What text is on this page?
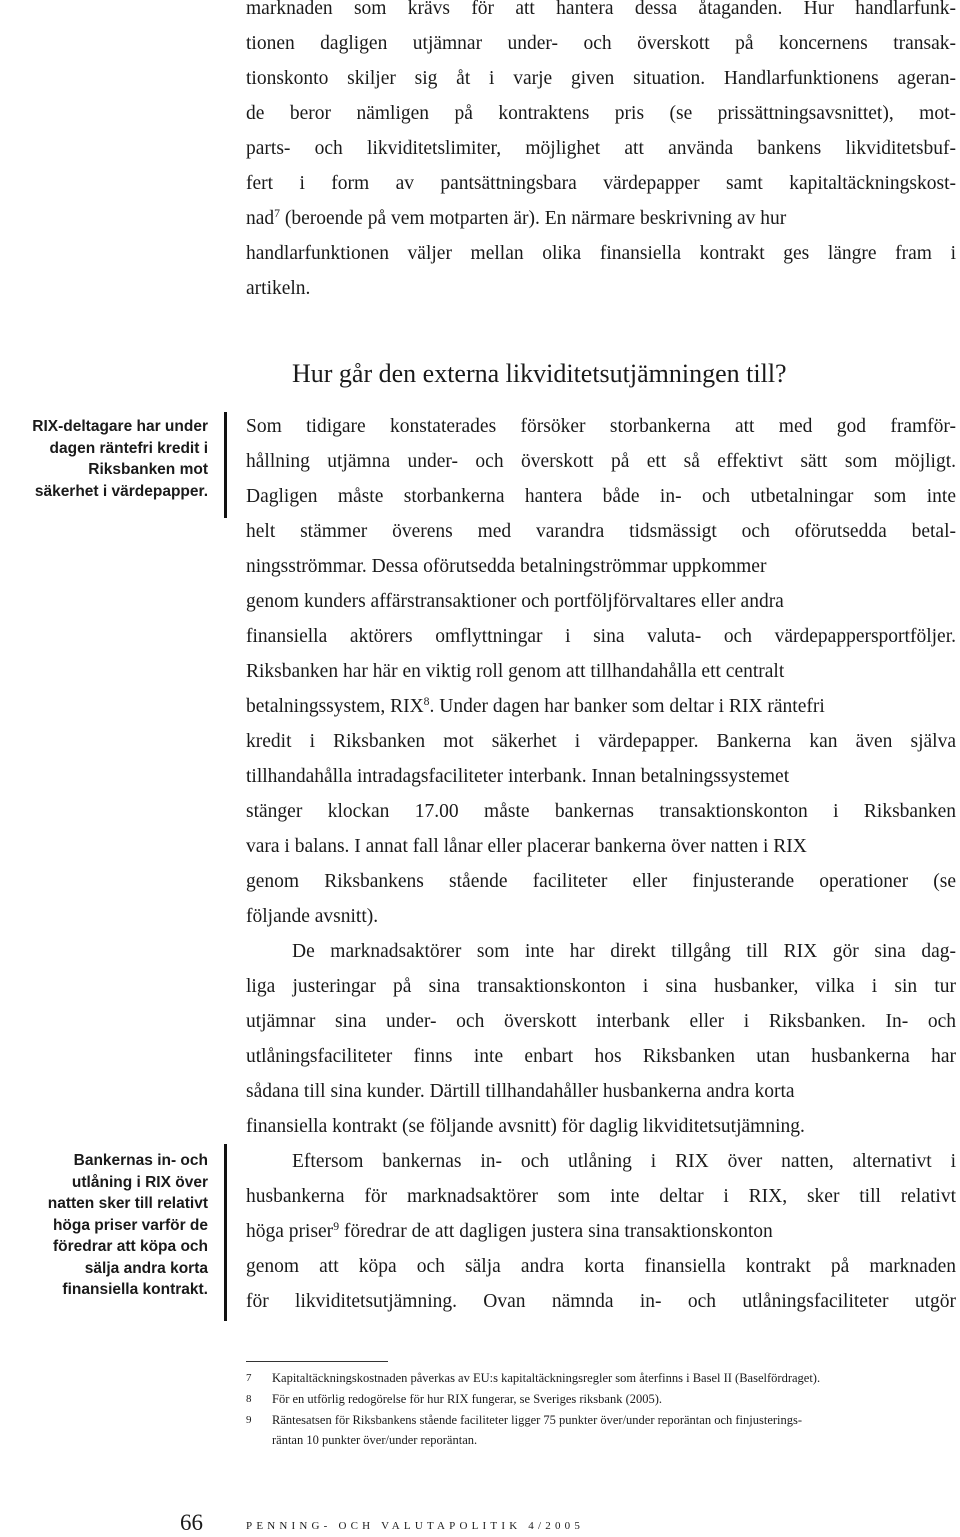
marknaden som krävs för att hantera dessa åtaganden. Hur handlarfunk-
tionen dagligen utjämnar under- och överskott på koncernens transak-
tionskonto skiljer sig åt i varje given situation. Handlarfunktionens ageran-
de beror nämligen på kontraktens pris (se prissättningsavsnittet), mot-
parts- och likviditetslimiter, möjlighet att använda bankens likviditetsbuf-
fert i form av pantsättningsbara värdepapper samt kapitaltäckningskost-
nad$^7$ (beroende på vem motparten är). En närmare beskrivning av hur
handlarfunktionen väljer mellan olika finansiella kontrakt ges längre fram i
artikeln.
Hur går den externa likviditetsutjämningen till?
RIX-deltagare har under
dagen räntefri kredit i
Riksbanken mot
säkerhet i värdepapper.
Bankernas in- och
utlåning i RIX över
natten sker till relativt
höga priser varför de
föredrar att köpa och
sälja andra korta
finansiella kontrakt.
Som tidigare konstaterades försöker storbankerna att med god framför-
hållning utjämna under- och överskott på ett så effektivt sätt som möjligt.
Dagligen måste storbankerna hantera både in- och utbetalningar som inte
helt stämmer överens med varandra tidsmässigt och oförutsedda betal-
ningsströmmar. Dessa oförutsedda betalningströmmar uppkommer
genom kunders affärstransaktioner och portföljförvaltares eller andra
finansiella aktörers omflyttningar i sina valuta- och värdepappersportföljer.
Riksbanken har här en viktig roll genom att tillhandahålla ett centralt
betalningssystem, RIX$^8$. Under dagen har banker som deltar i RIX räntefri
kredit i Riksbanken mot säkerhet i värdepapper. Bankerna kan även själva
tillhandahålla intradagsfaciliteter interbank. Innan betalningssystemet
stänger klockan 17.00 måste bankernas transaktionskonton i Riksbanken
vara i balans. I annat fall lånar eller placerar bankerna över natten i RIX
genom Riksbankens stående faciliteter eller finjusterande operationer (se
följande avsnitt).
De marknadsaktörer som inte har direkt tillgång till RIX gör sina dag-
liga justeringar på sina transaktionskonton i sina husbanker, vilka i sin tur
utjämnar sina under- och överskott interbank eller i Riksbanken. In- och
utlåningsfaciliteter finns inte enbart hos Riksbanken utan husbankerna har
sådana till sina kunder. Därtill tillhandahåller husbankerna andra korta
finansiella kontrakt (se följande avsnitt) för daglig likviditetsutjämning.
Eftersom bankernas in- och utlåning i RIX över natten, alternativt i
husbankerna för marknadsaktörer som inte deltar i RIX, sker till relativt
höga priser$^9$ föredrar de att dagligen justera sina transaktionskonton
genom att köpa och sälja andra korta finansiella kontrakt på marknaden
för likviditetsutjämning. Ovan nämnda in- och utlåningsfaciliteter utgör
7 Kapitaltäckningskostnaden påverkas av EU:s kapitaltäckningsregler som återfinns i Basel II (Baselfördraget).
8 För en utförlig redogörelse för hur RIX fungerar, se Sveriges riksbank (2005).
9 Räntesatsen för Riksbankens stående faciliteter ligger 75 punkter över/under reporäntan och finjusterings-
räntan 10 punkter över/under reporäntan.
66	PENNING- OCH VALUTAPOLITIK 4/2005
